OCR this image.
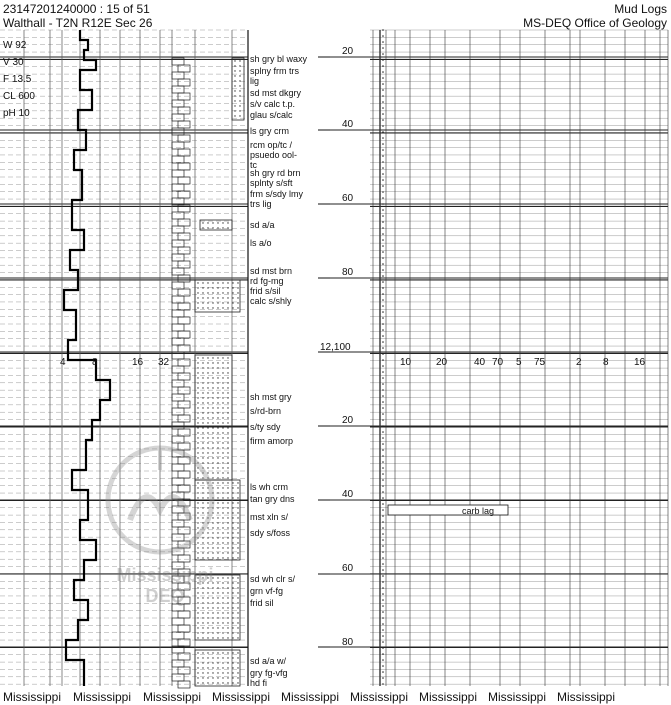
23147201240000 : 15 of 51
Walthall - T2N R12E Sec 26
Mud Logs
MS-DEQ Office of Geology
W 92
V 30
F 13.5
CL 600
pH 10
sh gry bl waxy
splny frm trs
lig
sd mst dkgry
s/v calc t.p.
glau s/calc
ls gry crm
rcm op/tc /
psuedo ool-
tc
sh gry rd brn
splnty s/sft
frm s/sdy lmy
trs lig
sd a/a
ls a/o
sd mst brn
rd fg-mg
frid s/sil
calc s/shly
sh mst gry
s/rd-brn
s/ty sdy
firm amorp
ls wh crm
tan gry dns
mst xln s/
sdy s/foss
sd wh clr s/
grn vf-fg
frid sil
sd a/a w/
gry fg-vfg
hd fi
20
40
60
80
12,100
20
40
60
80
4	8	16 32	10 20	40 70 5 75	2 8	16
carb lag
Mississippi
DEQ
Mississippi Mississippi Mississippi Mississippi Mississippi Mississippi Mississippi Mississippi Mississippi
